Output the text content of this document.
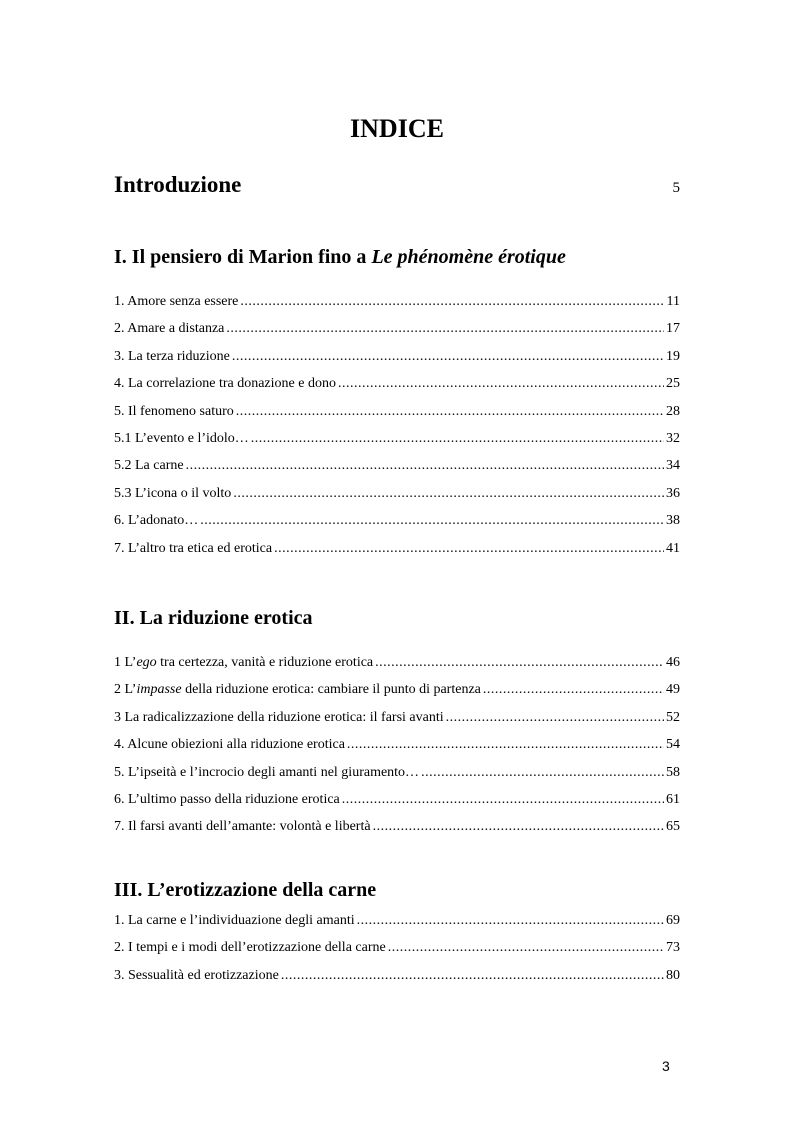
INDICE
Introduzione	5
I. Il pensiero di Marion fino a Le phénomène érotique
1. Amore senza essere .....	11
2. Amare a distanza .....	17
3. La terza riduzione .....	19
4. La correlazione tra donazione e dono .....	25
5. Il fenomeno saturo .....	28
5.1 L’evento e l’idolo… .....	32
5.2 La carne .....	34
5.3 L’icona o il volto .....	36
6. L’adonato… .....	38
7. L’altro tra etica ed erotica .....	41
II. La riduzione erotica
1 L’ego tra certezza, vanità e riduzione erotica .....	46
2 L’impasse della riduzione erotica: cambiare il punto di partenza .....	49
3 La radicalizzazione della riduzione erotica: il farsi avanti .....	52
4. Alcune obiezioni alla riduzione erotica .....	54
5. L’ipseità e l’incrocio degli amanti nel giuramento… .....	58
6. L’ultimo passo della riduzione erotica .....	61
7. Il farsi avanti dell’amante: volontà e libertà .....	65
III. L’erotizzazione della carne
1. La carne e l’individuazione degli amanti .....	69
2. I tempi e i modi dell’erotizzazione della carne .....	73
3. Sessualità ed erotizzazione .....	80
3
